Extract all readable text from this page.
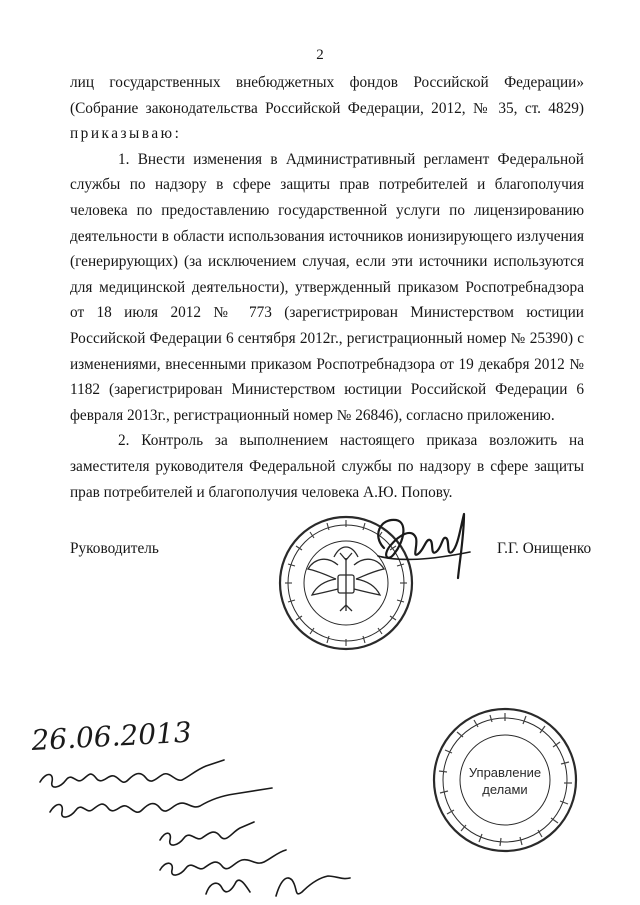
2

лиц государственных внебюджетных фондов Российской Федерации» (Собрание законодательства Российской Федерации, 2012, № 35, ст. 4829) приказываю:

1. Внести изменения в Административный регламент Федеральной службы по надзору в сфере защиты прав потребителей и благополучия человека по предоставлению государственной услуги по лицензированию деятельности в области использования источников ионизирующего излучения (генерирующих) (за исключением случая, если эти источники используются для медицинской деятельности), утвержденный приказом Роспотребнадзора от 18 июля 2012 № 773 (зарегистрирован Министерством юстиции Российской Федерации 6 сентября 2012г., регистрационный номер № 25390) с изменениями, внесенными приказом Роспотребнадзора от 19 декабря 2012 № 1182 (зарегистрирован Министерством юстиции Российской Федерации 6 февраля 2013г., регистрационный номер № 26846), согласно приложению.

2. Контроль за выполнением настоящего приказа возложить на заместителя руководителя Федеральной службы по надзору в сфере защиты прав потребителей и благополучия человека А.Ю. Попову.

Руководитель	Г.Г. Онищенко
Управление
делами
26.06.2013
